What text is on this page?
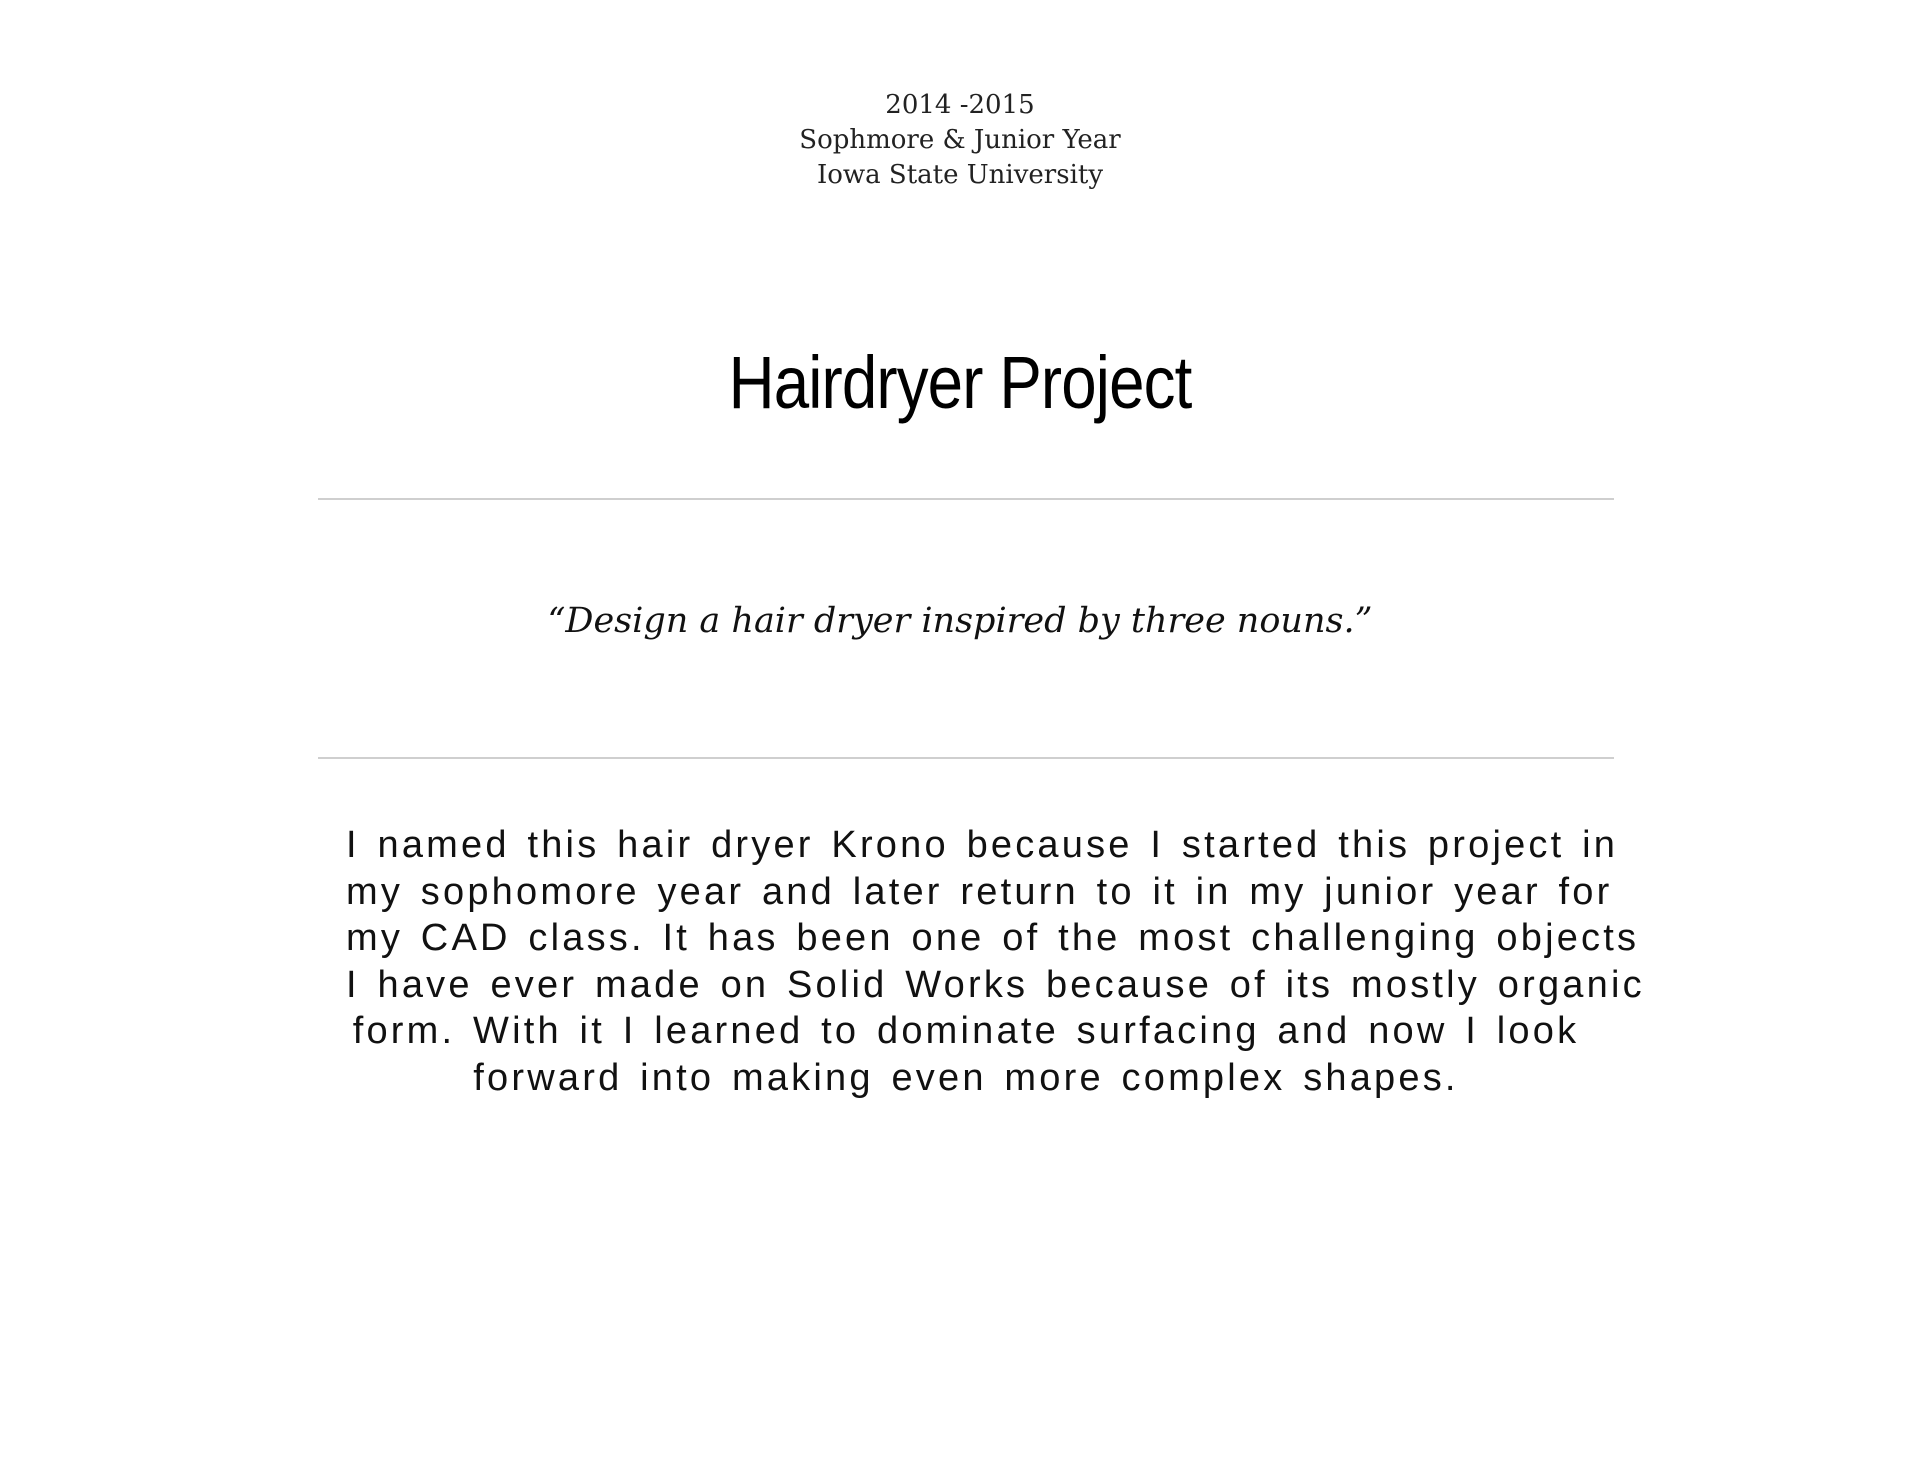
2014 -2015
Sophmore & Junior Year
Iowa State University
Hairdryer Project
“Design a hair dryer inspired by three nouns.”
I named this hair dryer Krono because I started this project in
my sophomore year and later return to it in my junior year for
my CAD class. It has been one of the most challenging objects
I have ever made on Solid Works because of its mostly organic
form. With it I learned to dominate surfacing and now I look
forward into making even more complex shapes.
